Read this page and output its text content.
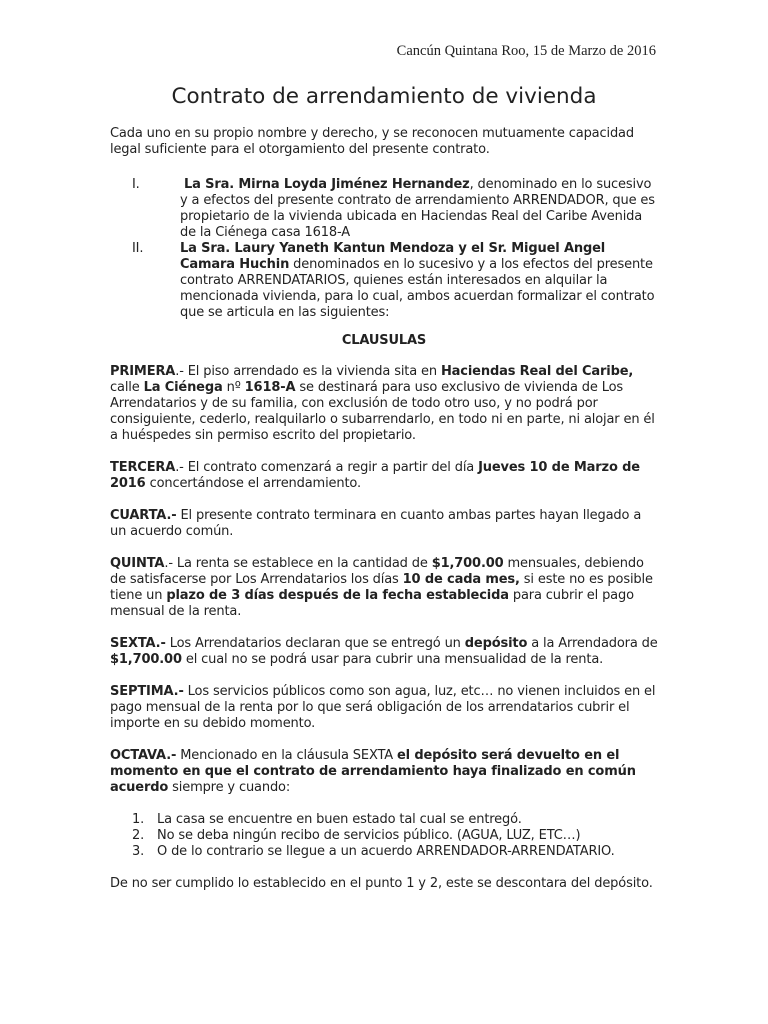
Cancún Quintana Roo, 15 de Marzo de 2016
Contrato de arrendamiento de vivienda

Cada uno en su propio nombre y derecho, y se reconocen mutuamente capacidad legal suficiente para el otorgamiento del presente contrato.

I.	La Sra. Mirna Loyda Jiménez Hernandez, denominado en lo sucesivo y a efectos del presente contrato de arrendamiento ARRENDADOR, que es propietario de la vivienda ubicada en Haciendas Real del Caribe Avenida de la Ciénega casa 1618-A
II.	La Sra. Laury Yaneth Kantun Mendoza y el Sr. Miguel Angel Camara Huchin denominados en lo sucesivo y a los efectos del presente contrato ARRENDATARIOS, quienes están interesados en alquilar la mencionada vivienda, para lo cual, ambos acuerdan formalizar el contrato que se articula en las siguientes:

CLAUSULAS

PRIMERA.- El piso arrendado es la vivienda sita en Haciendas Real del Caribe, calle La Ciénega nº 1618-A se destinará para uso exclusivo de vivienda de Los Arrendatarios y de su familia, con exclusión de todo otro uso, y no podrá por consiguiente, cederlo, realquilarlo o subarrendarlo, en todo ni en parte, ni alojar en él a huéspedes sin permiso escrito del propietario.

TERCERA.- El contrato comenzará a regir a partir del día Jueves 10 de Marzo de 2016 concertándose el arrendamiento.

CUARTA.- El presente contrato terminara en cuanto ambas partes hayan llegado a un acuerdo común.

QUINTA.- La renta se establece en la cantidad de $1,700.00 mensuales, debiendo de satisfacerse por Los Arrendatarios los días 10 de cada mes, si este no es posible tiene un plazo de 3 días después de la fecha establecida para cubrir el pago mensual de la renta.

SEXTA.- Los Arrendatarios declaran que se entregó un depósito a la Arrendadora de $1,700.00 el cual no se podrá usar para cubrir una mensualidad de la renta.

SEPTIMA.- Los servicios públicos como son agua, luz, etc… no vienen incluidos en el pago mensual de la renta por lo que será obligación de los arrendatarios cubrir el importe en su debido momento.

OCTAVA.- Mencionado en la cláusula SEXTA el depósito será devuelto en el momento en que el contrato de arrendamiento haya finalizado en común acuerdo siempre y cuando:

1. La casa se encuentre en buen estado tal cual se entregó.
2. No se deba ningún recibo de servicios público. (AGUA, LUZ, ETC…)
3. O de lo contrario se llegue a un acuerdo ARRENDADOR-ARRENDATARIO.

De no ser cumplido lo establecido en el punto 1 y 2, este se descontara del depósito.
